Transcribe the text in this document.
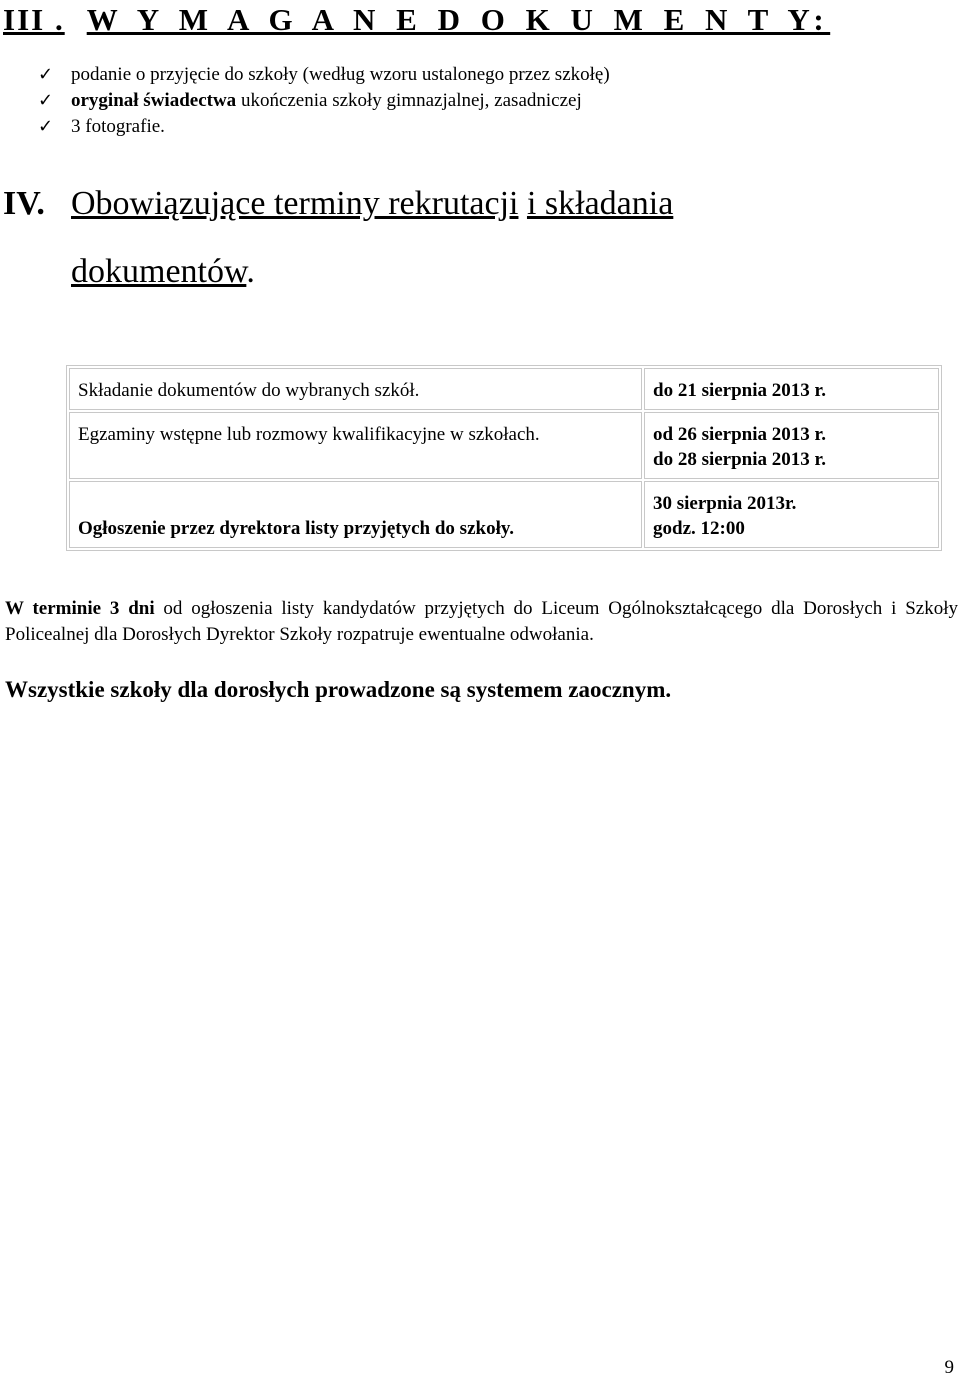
III . W Y M A G A N E D O K U M E N T Y:
✓ podanie o przyjęcie do szkoły (według wzoru ustalonego przez szkołę)
✓ oryginał świadectwa ukończenia szkoły gimnazjalnej, zasadniczej
✓ 3 fotografie.
IV. Obowiązujące terminy rekrutacji i składania
dokumentów.
Składanie dokumentów do wybranych szkół.	do 21 sierpnia 2013 r.
Egzaminy wstępne lub rozmowy kwalifikacyjne w szkołach.	od 26 sierpnia 2013 r.
do 28 sierpnia 2013 r.

Ogłoszenie przez dyrektora listy przyjętych do szkoły.	30 sierpnia 2013r.
godz. 12:00
W terminie 3 dni od ogłoszenia listy kandydatów przyjętych do Liceum Ogólnokształcącego dla Dorosłych i Szkoły Policealnej dla Dorosłych Dyrektor Szkoły rozpatruje ewentualne odwołania.
Wszystkie szkoły dla dorosłych prowadzone są systemem zaocznym.
9
